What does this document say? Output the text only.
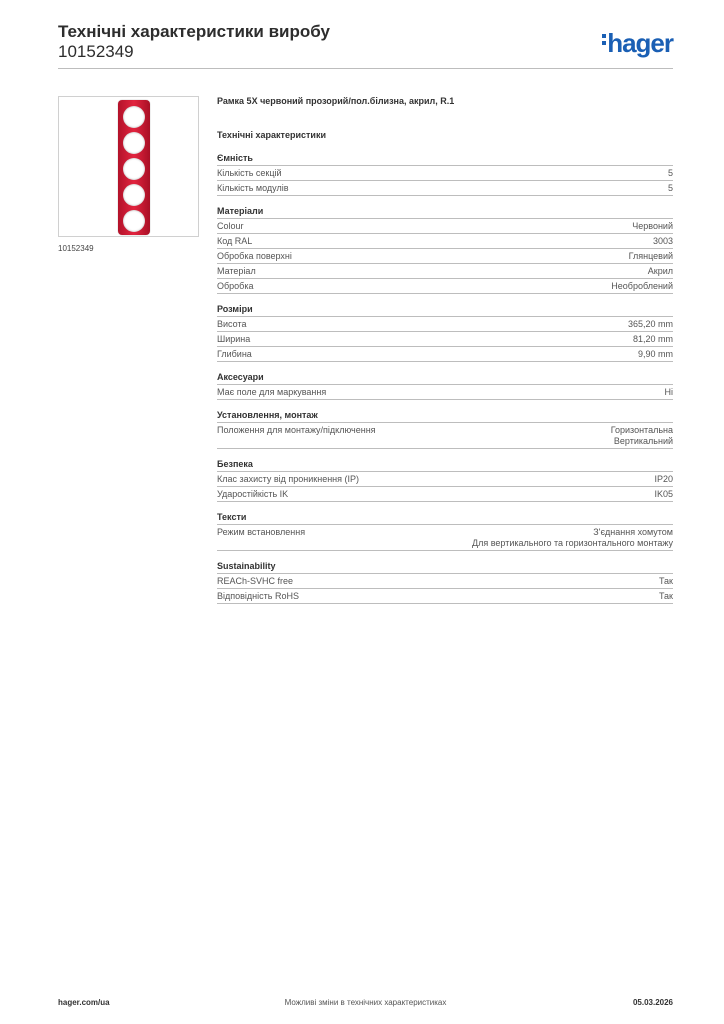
Технічні характеристики виробу
10152349	hager
10152349
Рамка 5X червоний прозорий/пол.білизна, акрил, R.1
Технічні характеристики
Ємність
Кількість секцій	5
Кількість модулів	5
Матеріали
Colour	Червоний
Код RAL	3003
Обробка поверхні	Глянцевий
Матеріал	Акрил
Обробка	Необроблений
Розміри
Висота	365,20 mm
Ширина	81,20 mm
Глибина	9,90 mm
Аксесуари
Має поле для маркування	Ні
Установлення, монтаж
Положення для монтажу/підключення	Горизонтальна
Вертикальний
Безпека
Клас захисту від проникнення (IP)	IP20
Ударостійкість IK	IK05
Тексти
Режим встановлення	З'єднання хомутом
Для вертикального та горизонтального монтажу
Sustainability
REACh-SVHC free	Так
Відповідність RoHS	Так
hager.com/ua	Можливі зміни в технічних характеристиках	05.03.2026
